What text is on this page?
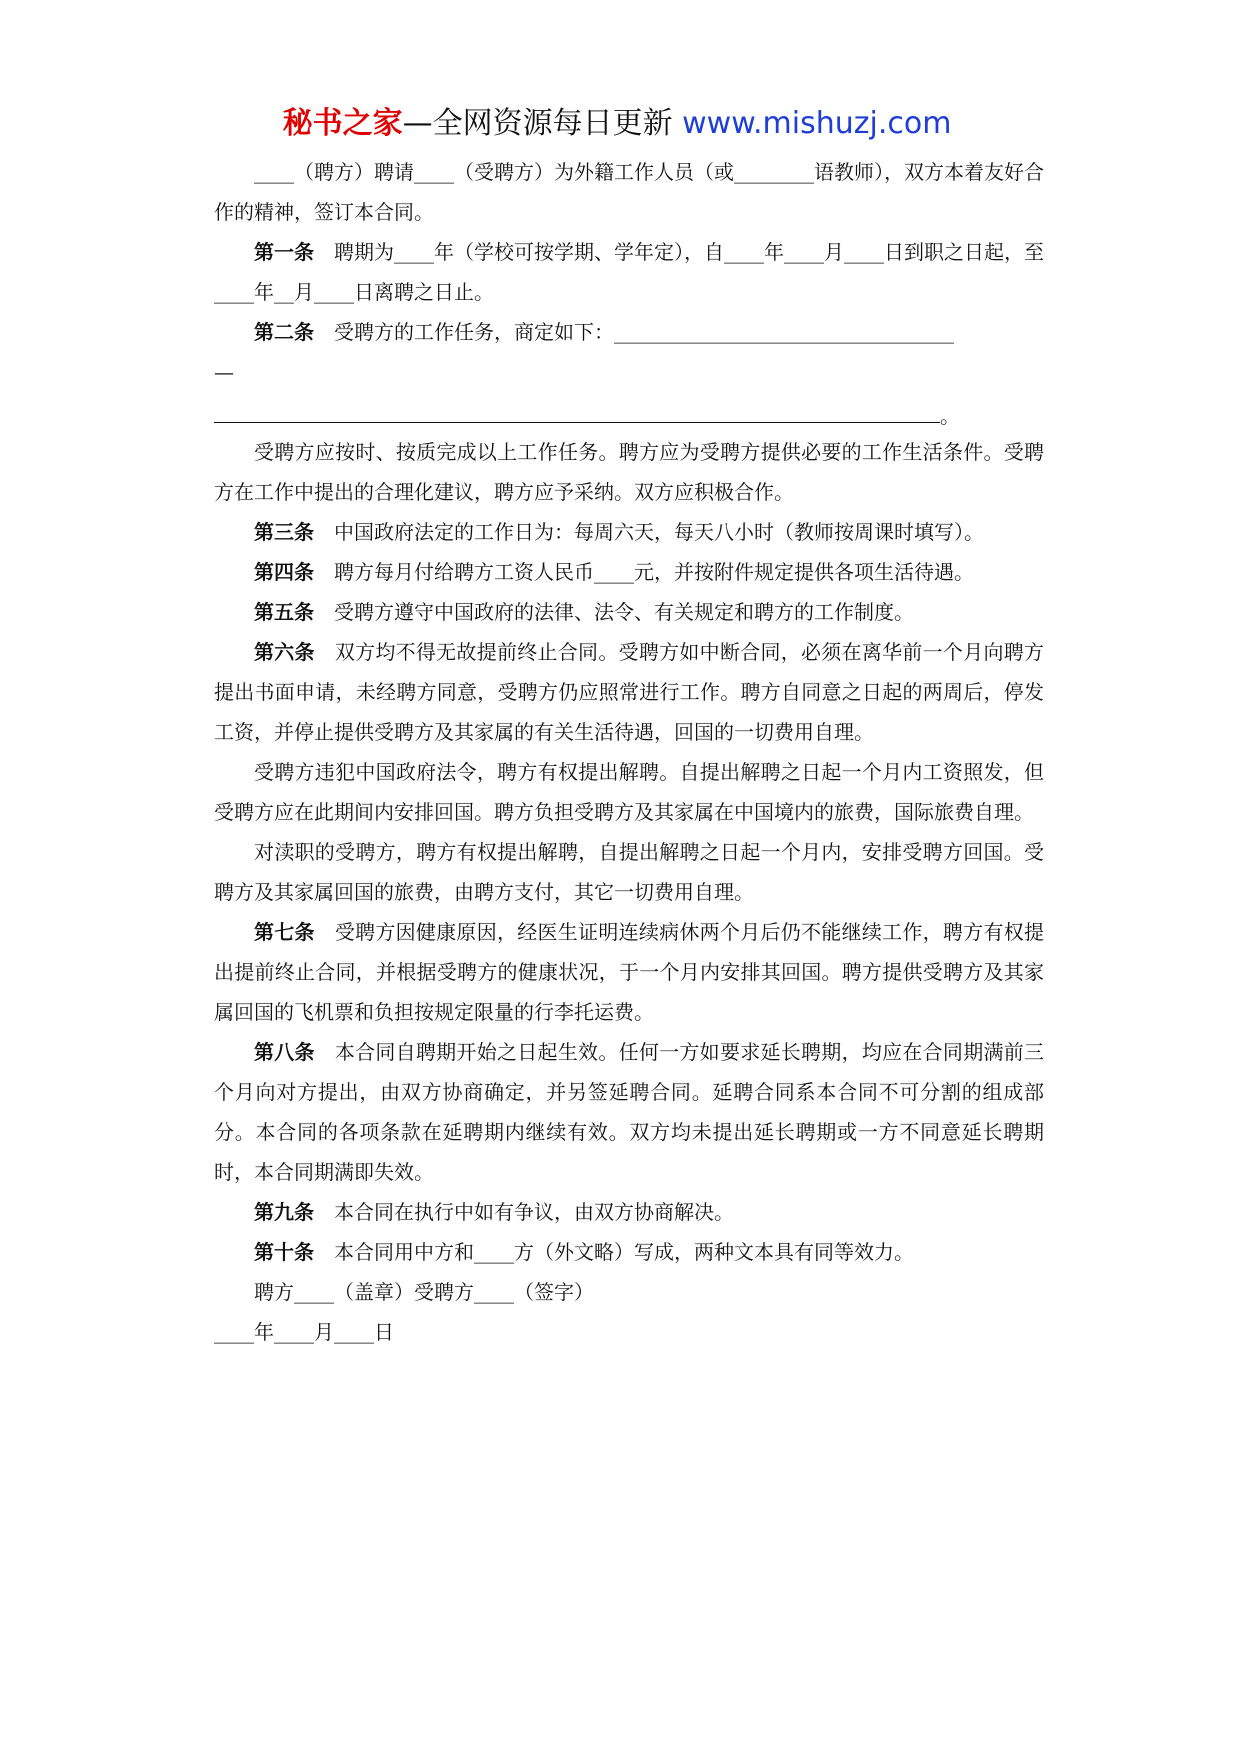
秘书之家—全网资源每日更新 www.mishuzj.com

____（聘方）聘请____（受聘方）为外籍工作人员（或________语教师），双方本着友好合作的精神，签订本合同。

第一条 聘期为____年（学校可按学期、学年定），自____年____月____日到职之日起，至____年__月____日离聘之日止。

第二条 受聘方的工作任务，商定如下：__________________________________

—
。

受聘方应按时、按质完成以上工作任务。聘方应为受聘方提供必要的工作生活条件。受聘方在工作中提出的合理化建议，聘方应予采纳。双方应积极合作。

第三条 中国政府法定的工作日为：每周六天，每天八小时（教师按周课时填写）。

第四条 聘方每月付给聘方工资人民币____元，并按附件规定提供各项生活待遇。

第五条 受聘方遵守中国政府的法律、法令、有关规定和聘方的工作制度。

第六条 双方均不得无故提前终止合同。受聘方如中断合同，必须在离华前一个月向聘方提出书面申请，未经聘方同意，受聘方仍应照常进行工作。聘方自同意之日起的两周后，停发工资，并停止提供受聘方及其家属的有关生活待遇，回国的一切费用自理。

受聘方违犯中国政府法令，聘方有权提出解聘。自提出解聘之日起一个月内工资照发，但受聘方应在此期间内安排回国。聘方负担受聘方及其家属在中国境内的旅费，国际旅费自理。

对渎职的受聘方，聘方有权提出解聘，自提出解聘之日起一个月内，安排受聘方回国。受聘方及其家属回国的旅费，由聘方支付，其它一切费用自理。

第七条 受聘方因健康原因，经医生证明连续病休两个月后仍不能继续工作，聘方有权提出提前终止合同，并根据受聘方的健康状况，于一个月内安排其回国。聘方提供受聘方及其家属回国的飞机票和负担按规定限量的行李托运费。

第八条 本合同自聘期开始之日起生效。任何一方如要求延长聘期，均应在合同期满前三个月向对方提出，由双方协商确定，并另签延聘合同。延聘合同系本合同不可分割的组成部分。本合同的各项条款在延聘期内继续有效。双方均未提出延长聘期或一方不同意延长聘期时，本合同期满即失效。

第九条 本合同在执行中如有争议，由双方协商解决。

第十条 本合同用中方和____方（外文略）写成，两种文本具有同等效力。

聘方____（盖章）受聘方____（签字）

____年____月____日
